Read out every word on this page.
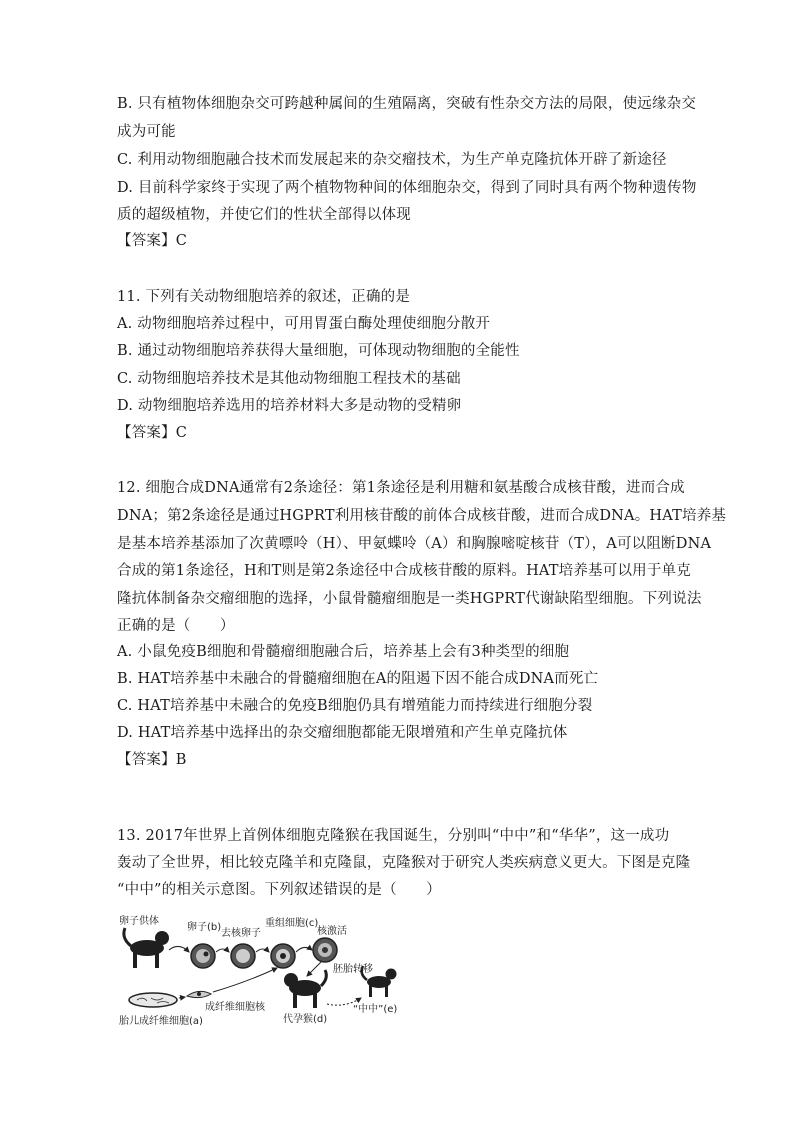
B. 只有植物体细胞杂交可跨越种属间的生殖隔离，突破有性杂交方法的局限，使远缘杂交
成为可能
C. 利用动物细胞融合技术而发展起来的杂交瘤技术，为生产单克隆抗体开辟了新途径
D. 目前科学家终于实现了两个植物物种间的体细胞杂交，得到了同时具有两个物种遗传物
质的超级植物，并使它们的性状全部得以体现
【答案】C
11. 下列有关动物细胞培养的叙述，正确的是
A. 动物细胞培养过程中，可用胃蛋白酶处理使细胞分散开
B. 通过动物细胞培养获得大量细胞，可体现动物细胞的全能性
C. 动物细胞培养技术是其他动物细胞工程技术的基础
D. 动物细胞培养选用的培养材料大多是动物的受精卵
【答案】C
12. 细胞合成DNA通常有2条途径：第1条途径是利用糖和氨基酸合成核苷酸，进而合成
DNA；第2条途径是通过HGPRT利用核苷酸的前体合成核苷酸，进而合成DNA。HAT培养基
是基本培养基添加了次黄嘌呤（H）、甲氨蝶呤（A）和胸腺嘧啶核苷（T），A可以阻断DNA
合成的第1条途径，H和T则是第2条途径中合成核苷酸的原料。HAT培养基可以用于单克
隆抗体制备杂交瘤细胞的选择，小鼠骨髓瘤细胞是一类HGPRT代谢缺陷型细胞。下列说法
正确的是（　　）
A. 小鼠免疫B细胞和骨髓瘤细胞融合后，培养基上会有3种类型的细胞
B. HAT培养基中未融合的骨髓瘤细胞在A的阻遏下因不能合成DNA而死亡
C. HAT培养基中未融合的免疫B细胞仍具有增殖能力而持续进行细胞分裂
D. HAT培养基中选择出的杂交瘤细胞都能无限增殖和产生单克隆抗体
【答案】B
13. 2017年世界上首例体细胞克隆猴在我国诞生，分别叫“中中”和“华华”，这一成功
轰动了全世界，相比较克隆羊和克隆鼠，克隆猴对于研究人类疾病意义更大。下图是克隆
“中中”的相关示意图。下列叙述错误的是（　　）
卵子供体
卵子(b)
去核卵子
重组细胞(c)
核激活
胎儿成纤维细胞(a)
成纤维细胞核
代孕猴(d)
胚胎转移
“中中”(e)
